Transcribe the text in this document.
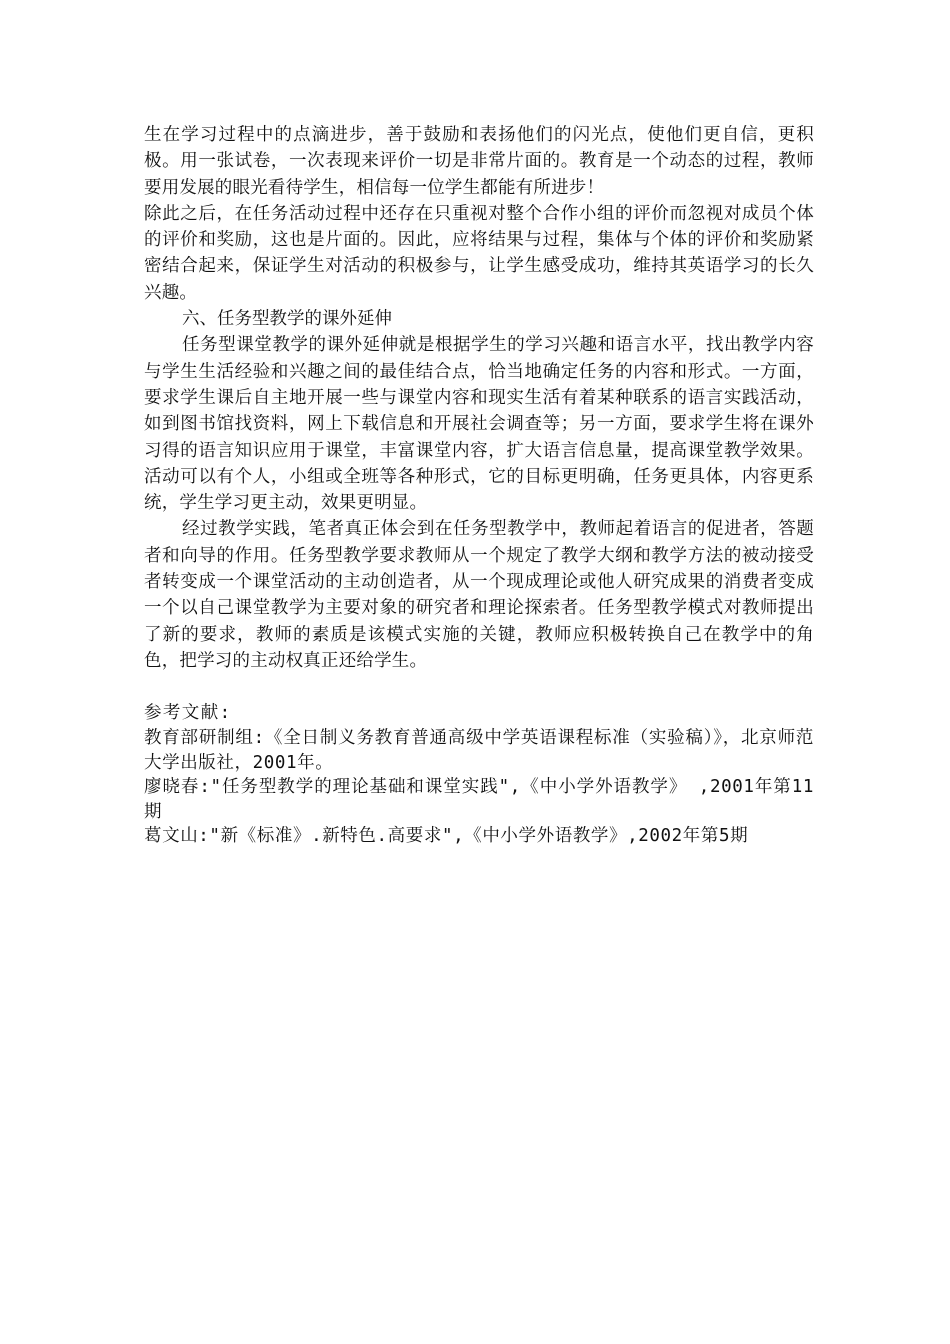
生在学习过程中的点滴进步，善于鼓励和表扬他们的闪光点，使他们更自信，更积极。用一张试卷，一次表现来评价一切是非常片面的。教育是一个动态的过程，教师要用发展的眼光看待学生，相信每一位学生都能有所进步！

除此之后，在任务活动过程中还存在只重视对整个合作小组的评价而忽视对成员个体的评价和奖励，这也是片面的。因此，应将结果与过程，集体与个体的评价和奖励紧密结合起来，保证学生对活动的积极参与，让学生感受成功，维持其英语学习的长久兴趣。

六、任务型教学的课外延伸

任务型课堂教学的课外延伸就是根据学生的学习兴趣和语言水平，找出教学内容与学生生活经验和兴趣之间的最佳结合点，恰当地确定任务的内容和形式。一方面，要求学生课后自主地开展一些与课堂内容和现实生活有着某种联系的语言实践活动，如到图书馆找资料，网上下载信息和开展社会调查等；另一方面，要求学生将在课外习得的语言知识应用于课堂，丰富课堂内容，扩大语言信息量，提高课堂教学效果。活动可以有个人，小组或全班等各种形式，它的目标更明确，任务更具体，内容更系统，学生学习更主动，效果更明显。

经过教学实践，笔者真正体会到在任务型教学中，教师起着语言的促进者，答题者和向导的作用。任务型教学要求教师从一个规定了教学大纲和教学方法的被动接受者转变成一个课堂活动的主动创造者，从一个现成理论或他人研究成果的消费者变成一个以自己课堂教学为主要对象的研究者和理论探索者。任务型教学模式对教师提出了新的要求，教师的素质是该模式实施的关键，教师应积极转换自己在教学中的角色，把学习的主动权真正还给学生。

参考文献:

教育部研制组:《全日制义务教育普通高级中学英语课程标准（实验稿）》，北京师范大学出版社，2001年。

廖晓春:"任务型教学的理论基础和课堂实践",《中小学外语教学》 ,2001年第11期

葛文山:"新《标准》.新特色.高要求",《中小学外语教学》,2002年第5期
